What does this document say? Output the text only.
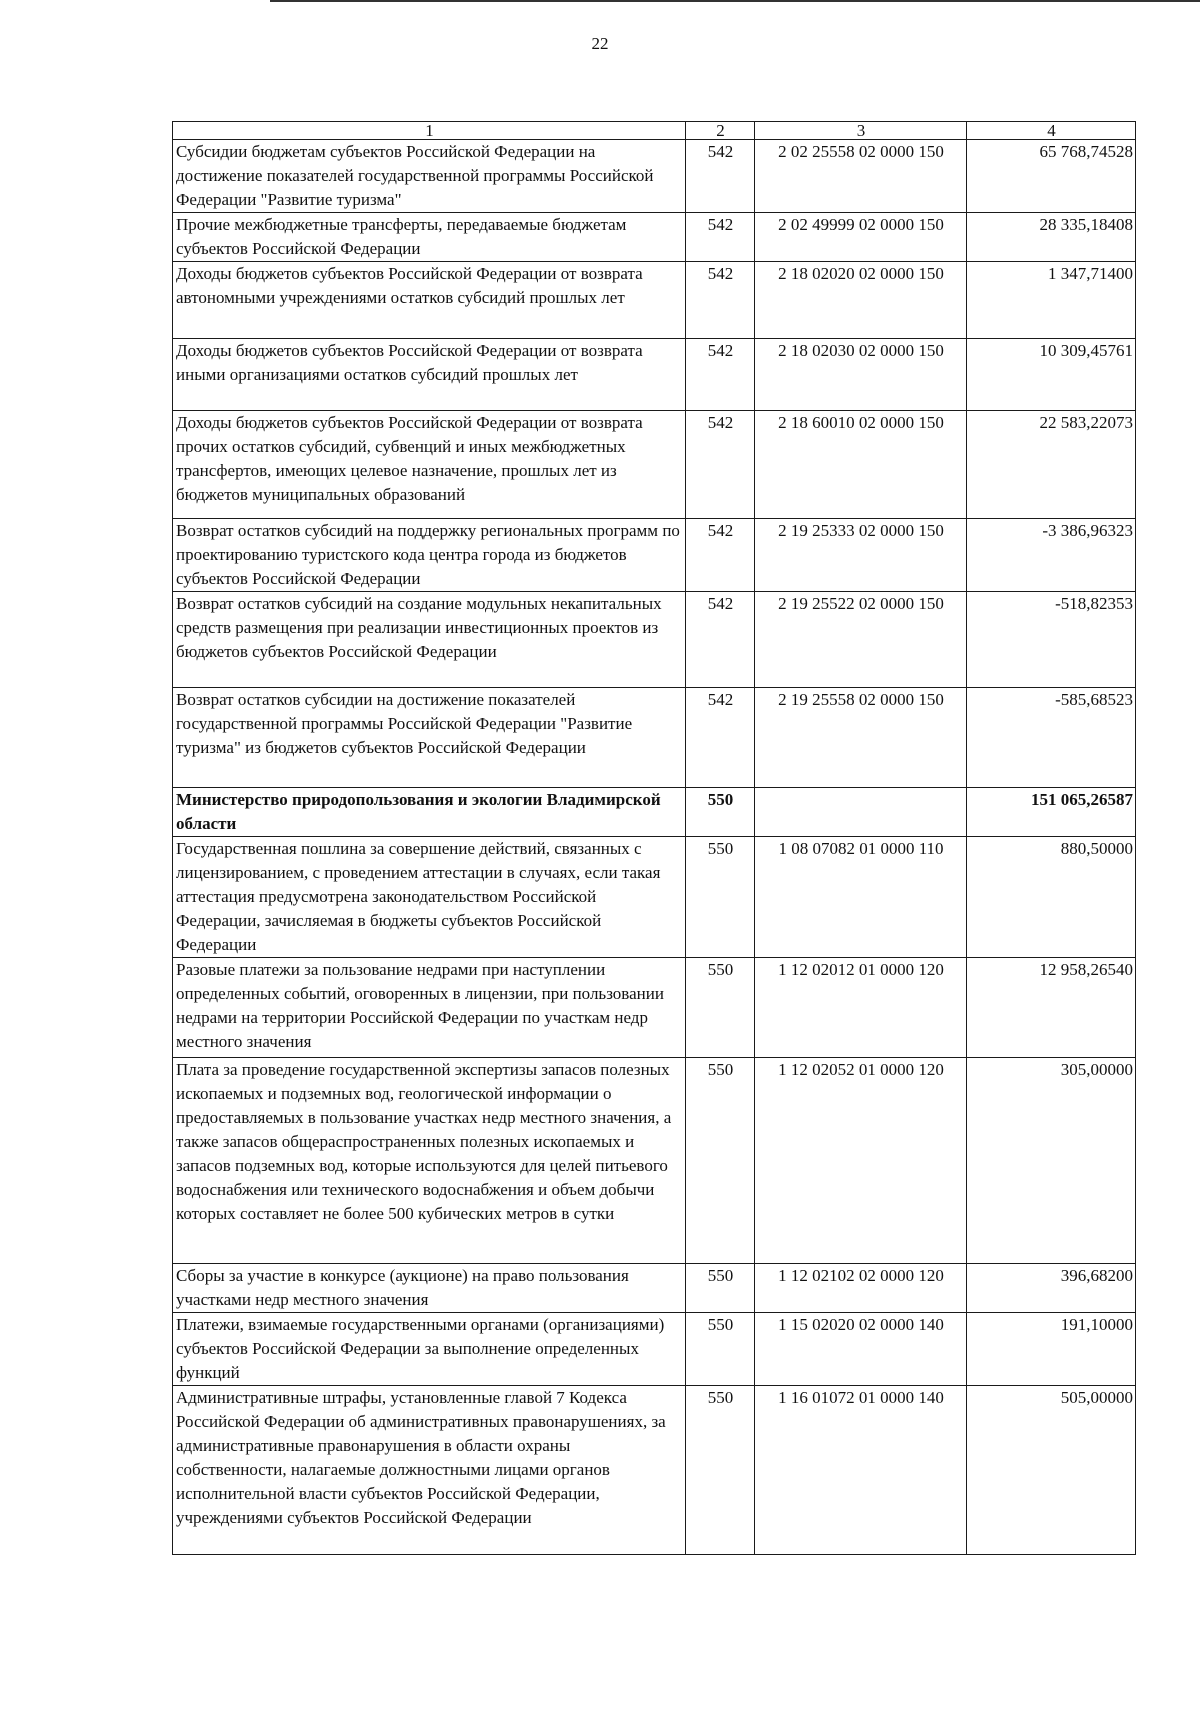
22
1	2	3	4
Субсидии бюджетам субъектов Российской Федерации на достижение показателей государственной программы Российской Федерации "Развитие туризма"	542	2 02 25558 02 0000 150	65 768,74528
Прочие межбюджетные трансферты, передаваемые бюджетам субъектов Российской Федерации	542	2 02 49999 02 0000 150	28 335,18408
Доходы бюджетов субъектов Российской Федерации от возврата автономными учреждениями остатков субсидий прошлых лет	542	2 18 02020 02 0000 150	1 347,71400
Доходы бюджетов субъектов Российской Федерации от возврата иными организациями остатков субсидий прошлых лет	542	2 18 02030 02 0000 150	10 309,45761
Доходы бюджетов субъектов Российской Федерации от возврата прочих остатков субсидий, субвенций и иных межбюджетных трансфертов, имеющих целевое назначение, прошлых лет из бюджетов муниципальных образований	542	2 18 60010 02 0000 150	22 583,22073
Возврат остатков субсидий на поддержку региональных программ по проектированию туристского кода центра города из бюджетов субъектов Российской Федерации	542	2 19 25333 02 0000 150	-3 386,96323
Возврат остатков субсидий на создание модульных некапитальных средств размещения при реализации инвестиционных проектов из бюджетов субъектов Российской Федерации	542	2 19 25522 02 0000 150	-518,82353
Возврат остатков субсидии на достижение показателей государственной программы Российской Федерации "Развитие туризма" из бюджетов субъектов Российской Федерации	542	2 19 25558 02 0000 150	-585,68523
Министерство природопользования и экологии Владимирской области	550		151 065,26587
Государственная пошлина за совершение действий, связанных с лицензированием, с проведением аттестации в случаях, если такая аттестация предусмотрена законодательством Российской Федерации, зачисляемая в бюджеты субъектов Российской Федерации	550	1 08 07082 01 0000 110	880,50000
Разовые платежи за пользование недрами при наступлении определенных событий, оговоренных в лицензии, при пользовании недрами на территории Российской Федерации по участкам недр местного значения	550	1 12 02012 01 0000 120	12 958,26540
Плата за проведение государственной экспертизы запасов полезных ископаемых и подземных вод, геологической информации о предоставляемых в пользование участках недр местного значения, а также запасов общераспространенных полезных ископаемых и запасов подземных вод, которые используются для целей питьевого водоснабжения или технического водоснабжения и объем добычи которых составляет не более 500 кубических метров в сутки	550	1 12 02052 01 0000 120	305,00000
Сборы за участие в конкурсе (аукционе) на право пользования участками недр местного значения	550	1 12 02102 02 0000 120	396,68200
Платежи, взимаемые государственными органами (организациями) субъектов Российской Федерации за выполнение определенных функций	550	1 15 02020 02 0000 140	191,10000
Административные штрафы, установленные главой 7 Кодекса Российской Федерации об административных правонарушениях, за административные правонарушения в области охраны собственности, налагаемые должностными лицами органов исполнительной власти субъектов Российской Федерации, учреждениями субъектов Российской Федерации	550	1 16 01072 01 0000 140	505,00000
